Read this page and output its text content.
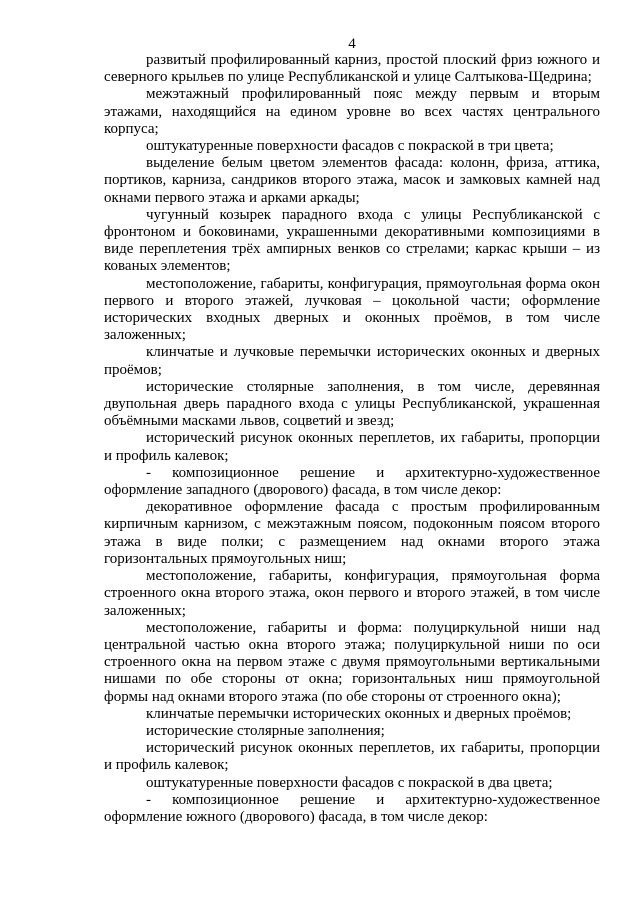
4

развитый профилированный карниз, простой плоский фриз южного и северного крыльев по улице Республиканской и улице Салтыкова-Щедрина;

межэтажный профилированный пояс между первым и вторым этажами, находящийся на едином уровне во всех частях центрального корпуса;

оштукатуренные поверхности фасадов с покраской в три цвета;

выделение белым цветом элементов фасада: колонн, фриза, аттика, портиков, карниза, сандриков второго этажа, масок и замковых камней над окнами первого этажа и арками аркады;

чугунный козырек парадного входа с улицы Республиканской с фронтоном и боковинами, украшенными декоративными композициями в виде переплетения трёх ампирных венков со стрелами; каркас крыши – из кованых элементов;

местоположение, габариты, конфигурация, прямоугольная форма окон первого и второго этажей, лучковая – цокольной части; оформление исторических входных дверных и оконных проёмов, в том числе заложенных;

клинчатые и лучковые перемычки исторических оконных и дверных проёмов;

исторические столярные заполнения, в том числе, деревянная двупольная дверь парадного входа с улицы Республиканской, украшенная объёмными масками львов, соцветий и звезд;

исторический рисунок оконных переплетов, их габариты, пропорции и профиль калевок;

- композиционное решение и архитектурно-художественное оформление западного (дворового) фасада, в том числе декор:

декоративное оформление фасада с простым профилированным кирпичным карнизом, с межэтажным поясом, подоконным поясом второго этажа в виде полки; с размещением над окнами второго этажа горизонтальных прямоугольных ниш;

местоположение, габариты, конфигурация, прямоугольная форма строенного окна второго этажа, окон первого и второго этажей, в том числе заложенных;

местоположение, габариты и форма: полуциркульной ниши над центральной частью окна второго этажа; полуциркульной ниши по оси строенного окна на первом этаже с двумя прямоугольными вертикальными нишами по обе стороны от окна; горизонтальных ниш прямоугольной формы над окнами второго этажа (по обе стороны от строенного окна);

клинчатые перемычки исторических оконных и дверных проёмов;

исторические столярные заполнения;

исторический рисунок оконных переплетов, их габариты, пропорции и профиль калевок;

оштукатуренные поверхности фасадов с покраской в два цвета;

- композиционное решение и архитектурно-художественное оформление южного (дворового) фасада, в том числе декор:
